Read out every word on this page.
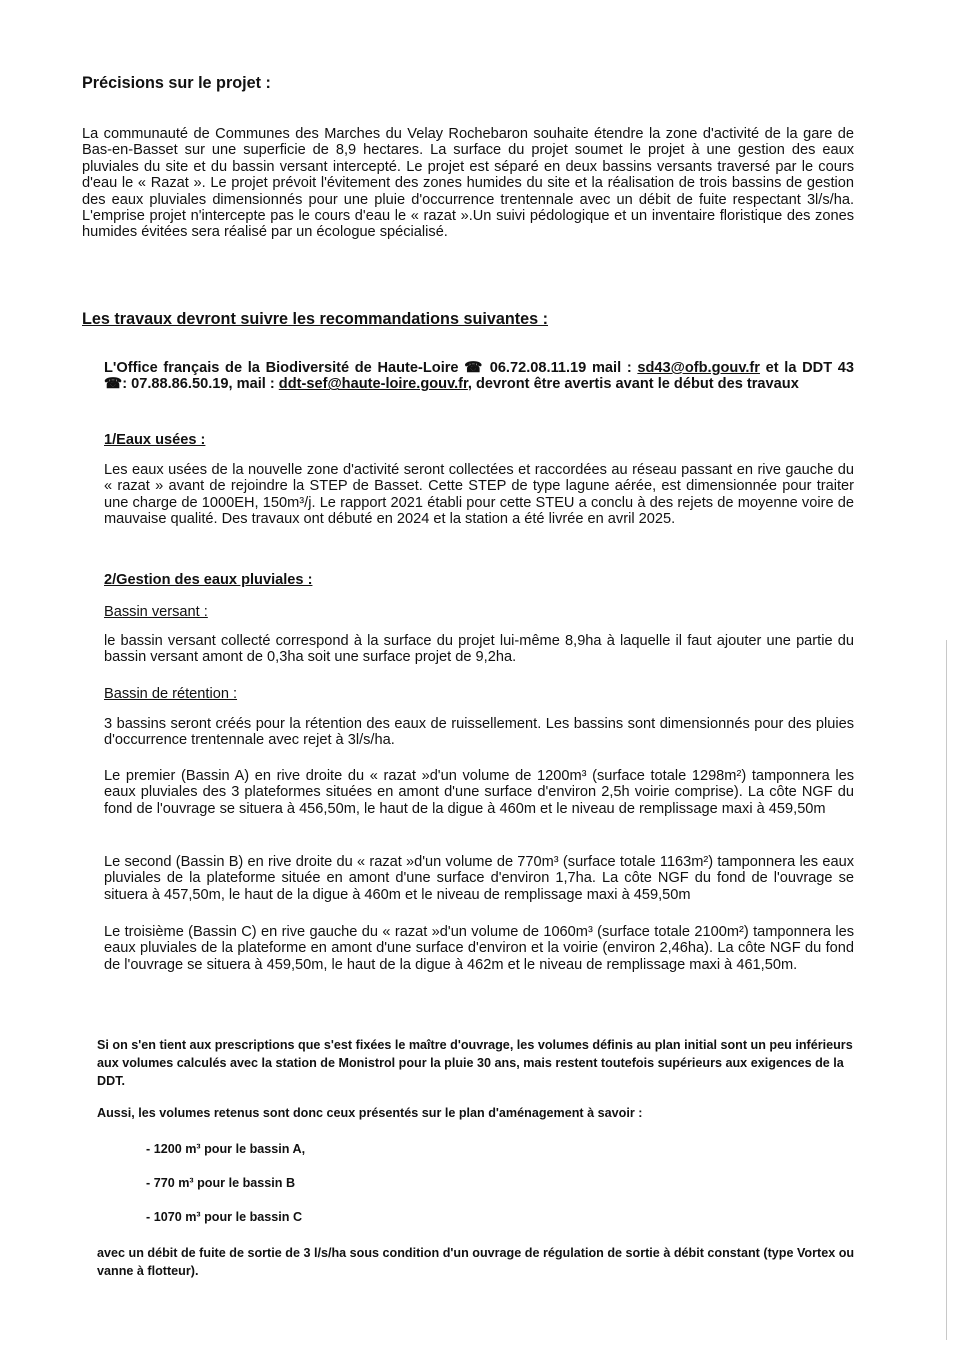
Précisions sur le projet :

La communauté de Communes des Marches du Velay Rochebaron souhaite étendre la zone d'activité de la gare de Bas-en-Basset sur une superficie de 8,9 hectares. La surface du projet soumet le projet à une gestion des eaux pluviales du site et du bassin versant intercepté. Le projet est séparé en deux bassins versants traversé par le cours d'eau le « Razat ». Le projet prévoit l'évitement des zones humides du site et la réalisation de trois bassins de gestion des eaux pluviales dimensionnés pour une pluie d'occurrence trentennale avec un débit de fuite respectant 3l/s/ha. L'emprise projet n'intercepte pas le cours d'eau le « razat ».Un suivi pédologique et un inventaire floristique des zones humides évitées sera réalisé par un écologue spécialisé.

Les travaux devront suivre les recommandations suivantes :

L'Office français de la Biodiversité de Haute-Loire ☎ 06.72.08.11.19 mail : sd43@ofb.gouv.fr et la DDT 43 ☎: 07.88.86.50.19, mail : ddt-sef@haute-loire.gouv.fr, devront être avertis avant le début des travaux

1/Eaux usées :

Les eaux usées de la nouvelle zone d'activité seront collectées et raccordées au réseau passant en rive gauche du « razat » avant de rejoindre la STEP de Basset. Cette STEP de type lagune aérée, est dimensionnée pour traiter une charge de 1000EH, 150m³/j. Le rapport 2021 établi pour cette STEU a conclu à des rejets de moyenne voire de mauvaise qualité. Des travaux ont débuté en 2024 et la station a été livrée en avril 2025.

2/Gestion des eaux pluviales :
Bassin versant :

le bassin versant collecté correspond à la surface du projet lui-même 8,9ha à laquelle il faut ajouter une partie du bassin versant amont de 0,3ha soit une surface projet de 9,2ha.

Bassin de rétention :

3 bassins seront créés pour la rétention des eaux de ruissellement. Les bassins sont dimensionnés pour des pluies d'occurrence trentennale avec rejet à 3l/s/ha.

Le premier (Bassin A) en rive droite du « razat »d'un volume de 1200m³ (surface totale 1298m²) tamponnera les eaux pluviales des 3 plateformes situées en amont d'une surface d'environ 2,5h voirie comprise). La côte NGF du fond de l'ouvrage se situera à 456,50m, le haut de la digue à 460m et le niveau de remplissage maxi à 459,50m

Le second (Bassin B) en rive droite du « razat »d'un volume de 770m³ (surface totale 1163m²) tamponnera les eaux pluviales de la plateforme située en amont d'une surface d'environ 1,7ha. La côte NGF du fond de l'ouvrage se situera à 457,50m, le haut de la digue à 460m et le niveau de remplissage maxi à 459,50m

Le troisième (Bassin C) en rive gauche du « razat »d'un volume de 1060m³ (surface totale 2100m²) tamponnera les eaux pluviales de la plateforme en amont d'une surface d'environ et la voirie (environ 2,46ha). La côte NGF du fond de l'ouvrage se situera à 459,50m, le haut de la digue à 462m et le niveau de remplissage maxi à 461,50m.

Si on s'en tient aux prescriptions que s'est fixées le maître d'ouvrage, les volumes définis au plan initial sont un peu inférieurs aux volumes calculés avec la station de Monistrol pour la pluie 30 ans, mais restent toutefois supérieurs aux exigences de la DDT.

Aussi, les volumes retenus sont donc ceux présentés sur le plan d'aménagement à savoir :

- 1200 m³ pour le bassin A,
- 770 m³ pour le bassin B
- 1070 m³ pour le bassin C

avec un débit de fuite de sortie de 3 l/s/ha sous condition d'un ouvrage de régulation de sortie à débit constant (type Vortex ou vanne à flotteur).
